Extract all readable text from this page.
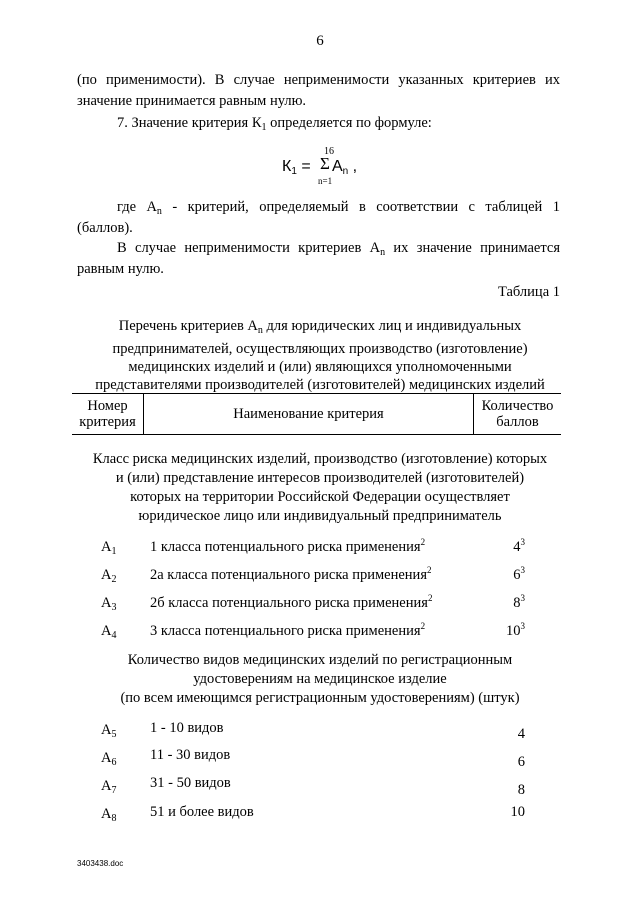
6
(по применимости). В случае неприменимости указанных критериев их
значение принимается равным нулю.
7. Значение критерия $К_1$ определяется по формуле:
$К_1$ =
16
Σ $А_n$ ,
n=1
где $А_n$ - критерий, определяемый в соответствии с таблицей 1
(баллов).
В случае неприменимости критериев $А_n$ их значение принимается
равным нулю.
Таблица 1
Перечень критериев $А_n$ для юридических лиц и индивидуальных
предпринимателей, осуществляющих производство (изготовление)
медицинских изделий и (или) являющихся уполномоченными
представителями производителей (изготовителей) медицинских изделий
Номер
критерия	Наименование критерия	Количество
баллов
Класс риска медицинских изделий, производство (изготовление) которых
и (или) представление интересов производителей (изготовителей)
которых на территории Российской Федерации осуществляет
юридическое лицо или индивидуальный предприниматель
$А_1$ 1 класса потенциального риска применения$^2$	$4^3$
$А_2$ 2а класса потенциального риска применения$^2$	$6^3$
$А_3$ 2б класса потенциального риска применения$^2$	$8^3$
$А_4$ 3 класса потенциального риска применения$^2$	$10^3$
Количество видов медицинских изделий по регистрационным
удостоверениям на медицинское изделие
(по всем имеющимся регистрационным удостоверениям) (штук)
$А_5$ 1 - 10 видов	4
$А_6$ 11 - 30 видов	6
$А_7$ 31 - 50 видов	8
$А_8$ 51 и более видов	10
3403438.doc
